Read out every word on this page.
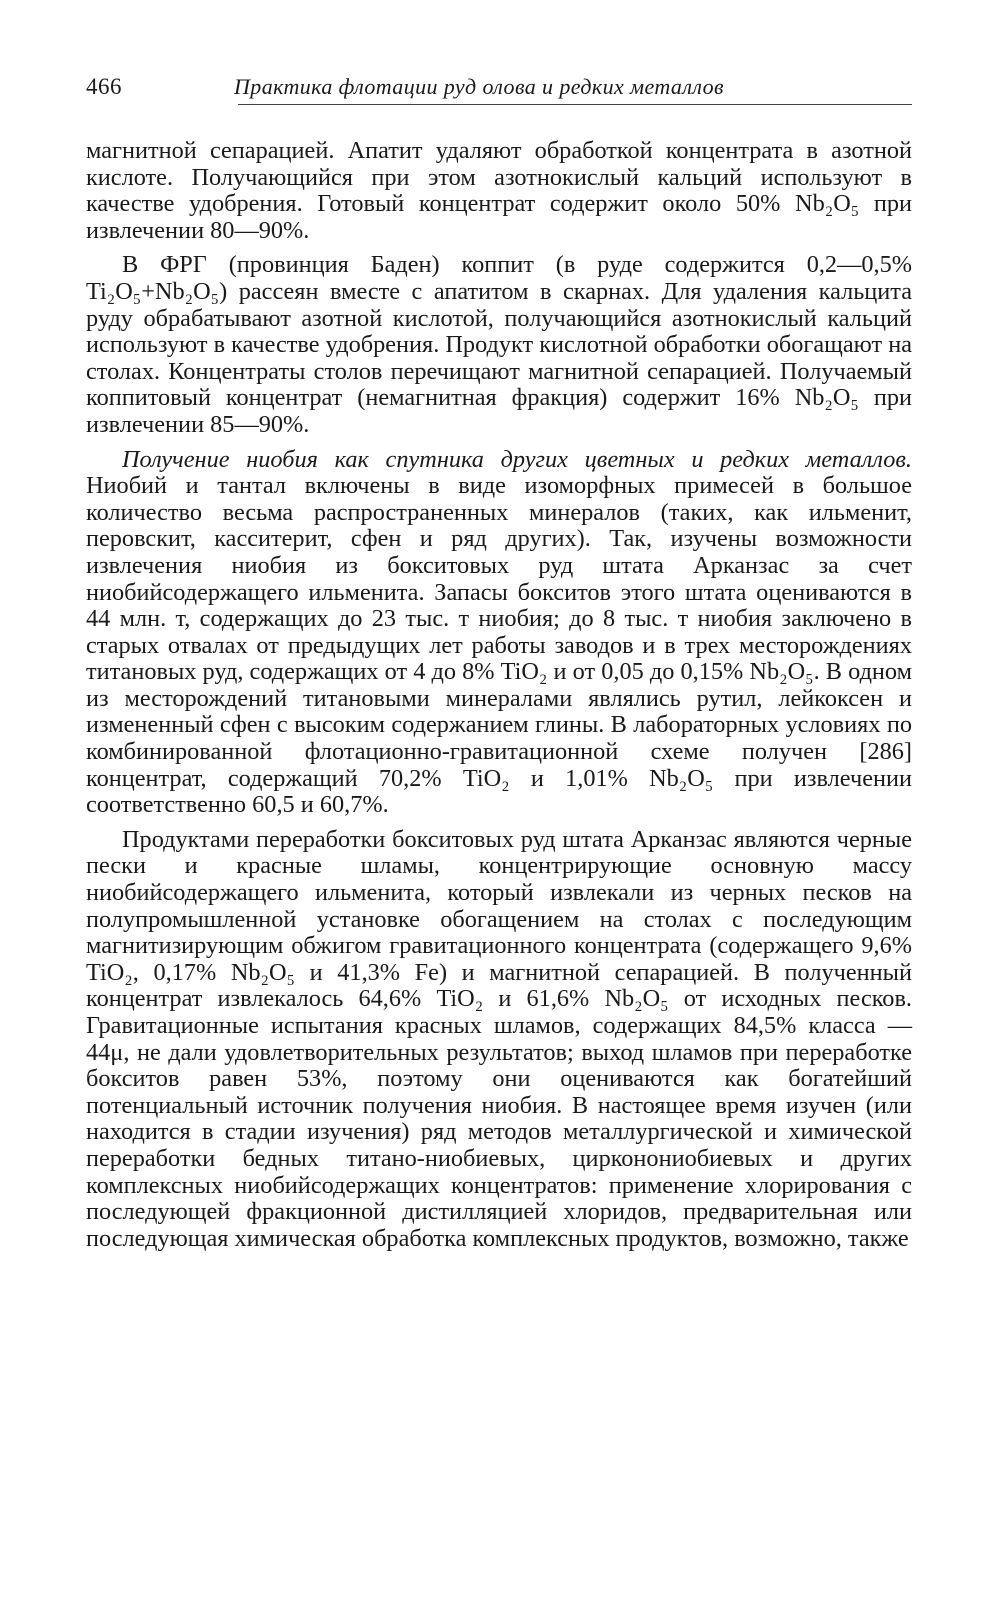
466	Практика флотации руд олова и редких металлов

магнитной сепарацией. Апатит удаляют обработкой концентрата в азотной кислоте. Получающийся при этом азотнокислый кальций используют в качестве удобрения. Готовый концентрат содержит около 50% Nb₂O₅ при извлечении 80—90%.

В ФРГ (провинция Баден) коппит (в руде содержится 0,2—0,5% Ti₂O₅+Nb₂O₅) рассеян вместе с апатитом в скарнах. Для удаления кальцита руду обрабатывают азотной кислотой, получающийся азотнокислый кальций используют в качестве удобрения. Продукт кислотной обработки обогащают на столах. Концентраты столов перечищают магнитной сепарацией. Получаемый коппитовый концентрат (немагнитная фракция) содержит 16% Nb₂O₅ при извлечении 85—90%.

Получение ниобия как спутника других цветных и редких металлов. Ниобий и тантал включены в виде изоморфных примесей в большое количество весьма распространенных минералов (таких, как ильменит, перовскит, касситерит, сфен и ряд других). Так, изучены возможности извлечения ниобия из бокситовых руд штата Арканзас за счет ниобийсодержащего ильменита. Запасы бокситов этого штата оцениваются в 44 млн. т, содержащих до 23 тыс. т ниобия; до 8 тыс. т ниобия заключено в старых отвалах от предыдущих лет работы заводов и в трех месторождениях титановых руд, содержащих от 4 до 8% TiO₂ и от 0,05 до 0,15% Nb₂O₅. В одном из месторождений титановыми минералами являлись рутил, лейкоксен и измененный сфен с высоким содержанием глины. В лабораторных условиях по комбинированной флотационно-гравитационной схеме получен [286] концентрат, содержащий 70,2% TiO₂ и 1,01% Nb₂O₅ при извлечении соответственно 60,5 и 60,7%.

Продуктами переработки бокситовых руд штата Арканзас являются черные пески и красные шламы, концентрирующие основную массу ниобийсодержащего ильменита, который извлекали из черных песков на полупромышленной установке обогащением на столах с последующим магнитизирующим обжигом гравитационного концентрата (содержащего 9,6% TiO₂, 0,17% Nb₂O₅ и 41,3% Fe) и магнитной сепарацией. В полученный концентрат извлекалось 64,6% TiO₂ и 61,6% Nb₂O₅ от исходных песков. Гравитационные испытания красных шламов, содержащих 84,5% класса —44μ, не дали удовлетворительных результатов; выход шламов при переработке бокситов равен 53%, поэтому они оцениваются как богатейший потенциальный источник получения ниобия. В настоящее время изучен (или находится в стадии изучения) ряд методов металлургической и химической переработки бедных титано-ниобиевых, цирконониобиевых и других комплексных ниобийсодержащих концентратов: применение хлорирования с последующей фракционной дистилляцией хлоридов, предварительная или последующая химическая обработка комплексных продуктов, возможно, также
